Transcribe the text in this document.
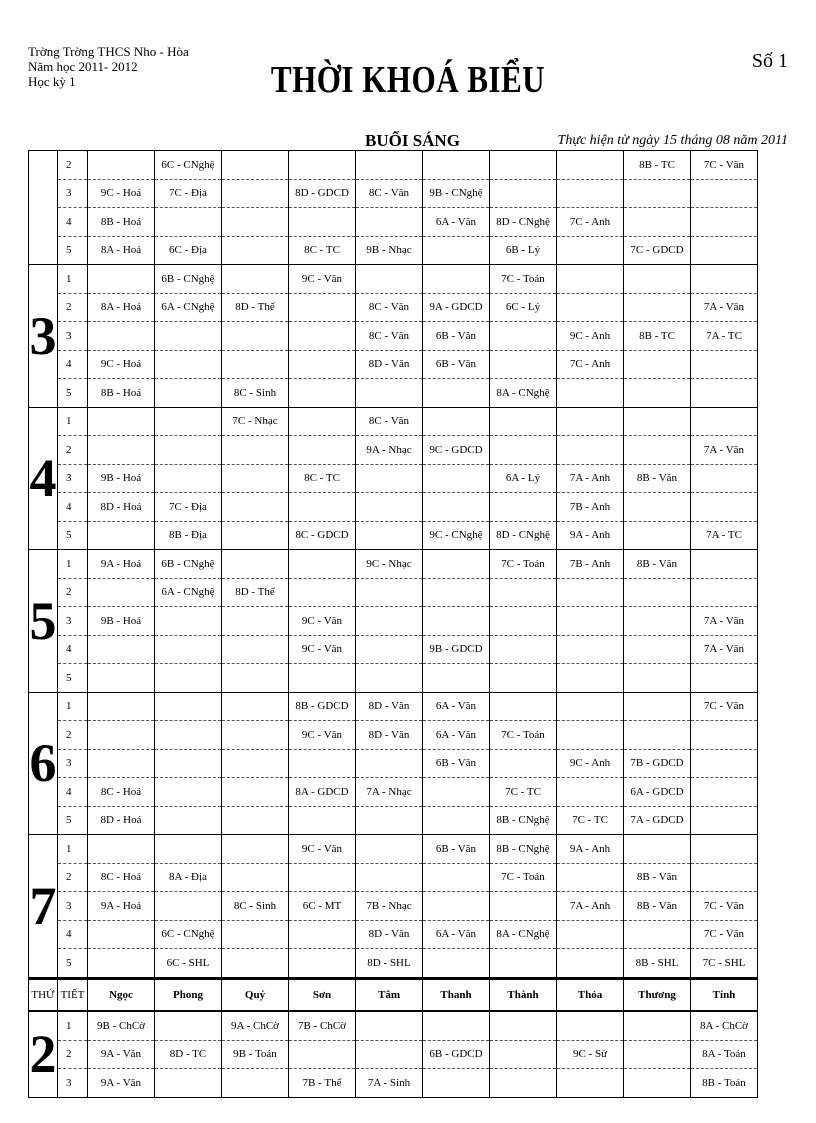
Trờng Trờng THCS Nho - Hòa
Năm học 2011- 2012
Học kỳ 1	THỜI KHOÁ BIỂU	Số 1
BUỔI SÁNG	Thực hiện từ ngày 15 tháng 08 năm 2011
	2		6C - CNghệ							8B - TC	7C - Văn
	3	9C - Hoá	7C - Địa		8D - GDCD	8C - Văn	9B - CNghệ				
	4	8B - Hoá					6A - Văn	8D - CNghệ	7C - Anh		
	5	8A - Hoá	6C - Địa		8C - TC	9B - Nhạc		6B - Lý		7C - GDCD	
3	1		6B - CNghệ		9C - Văn			7C - Toán			
	2	8A - Hoá	6A - CNghệ	8D - Thể		8C - Văn	9A - GDCD	6C - Lý			7A - Văn
	3					8C - Văn	6B - Văn		9C - Anh	8B - TC	7A - TC
	4	9C - Hoá				8D - Văn	6B - Văn		7C - Anh		
	5	8B - Hoá		8C - Sinh				8A - CNghệ			
4	1			7C - Nhạc		8C - Văn					
	2					9A - Nhạc	9C - GDCD				7A - Văn
	3	9B - Hoá			8C - TC			6A - Lý	7A - Anh	8B - Văn	
	4	8D - Hoá	7C - Địa						7B - Anh		
	5		8B - Địa		8C - GDCD		9C - CNghệ	8D - CNghệ	9A - Anh		7A - TC
5	1	9A - Hoá	6B - CNghệ			9C - Nhạc		7C - Toán	7B - Anh	8B - Văn	
	2		6A - CNghệ	8D - Thể							
	3	9B - Hoá			9C - Văn						7A - Văn
	4				9C - Văn		9B - GDCD				7A - Văn
	5										
6	1				8B - GDCD	8D - Văn	6A - Văn				7C - Văn
	2				9C - Văn	8D - Văn	6A - Văn	7C - Toán			
	3						6B - Văn		9C - Anh	7B - GDCD	
	4	8C - Hoá			8A - GDCD	7A - Nhạc		7C - TC		6A - GDCD	
	5	8D - Hoá						8B - CNghệ	7C - TC	7A - GDCD	
7	1				9C - Văn		6B - Văn	8B - CNghệ	9A - Anh		
	2	8C - Hoá	8A - Địa					7C - Toán		8B - Văn	
	3	9A - Hoá		8C - Sinh	6C - MT	7B - Nhạc			7A - Anh	8B - Văn	7C - Văn
	4		6C - CNghệ			8D - Văn	6A - Văn	8A - CNghệ			7C - Văn
	5		6C - SHL			8D - SHL				8B - SHL	7C - SHL
THỨ	TIẾT	Ngọc	Phong	Quý	Sơn	Tâm	Thanh	Thành	Thỏa	Thương	Tính
2	1	9B - ChCờ		9A - ChCờ	7B - ChCờ						8A - ChCờ
	2	9A - Văn	8D - TC	9B - Toán			6B - GDCD		9C - Sử		8A - Toán
	3	9A - Văn			7B - Thể	7A - Sinh					8B - Toán
